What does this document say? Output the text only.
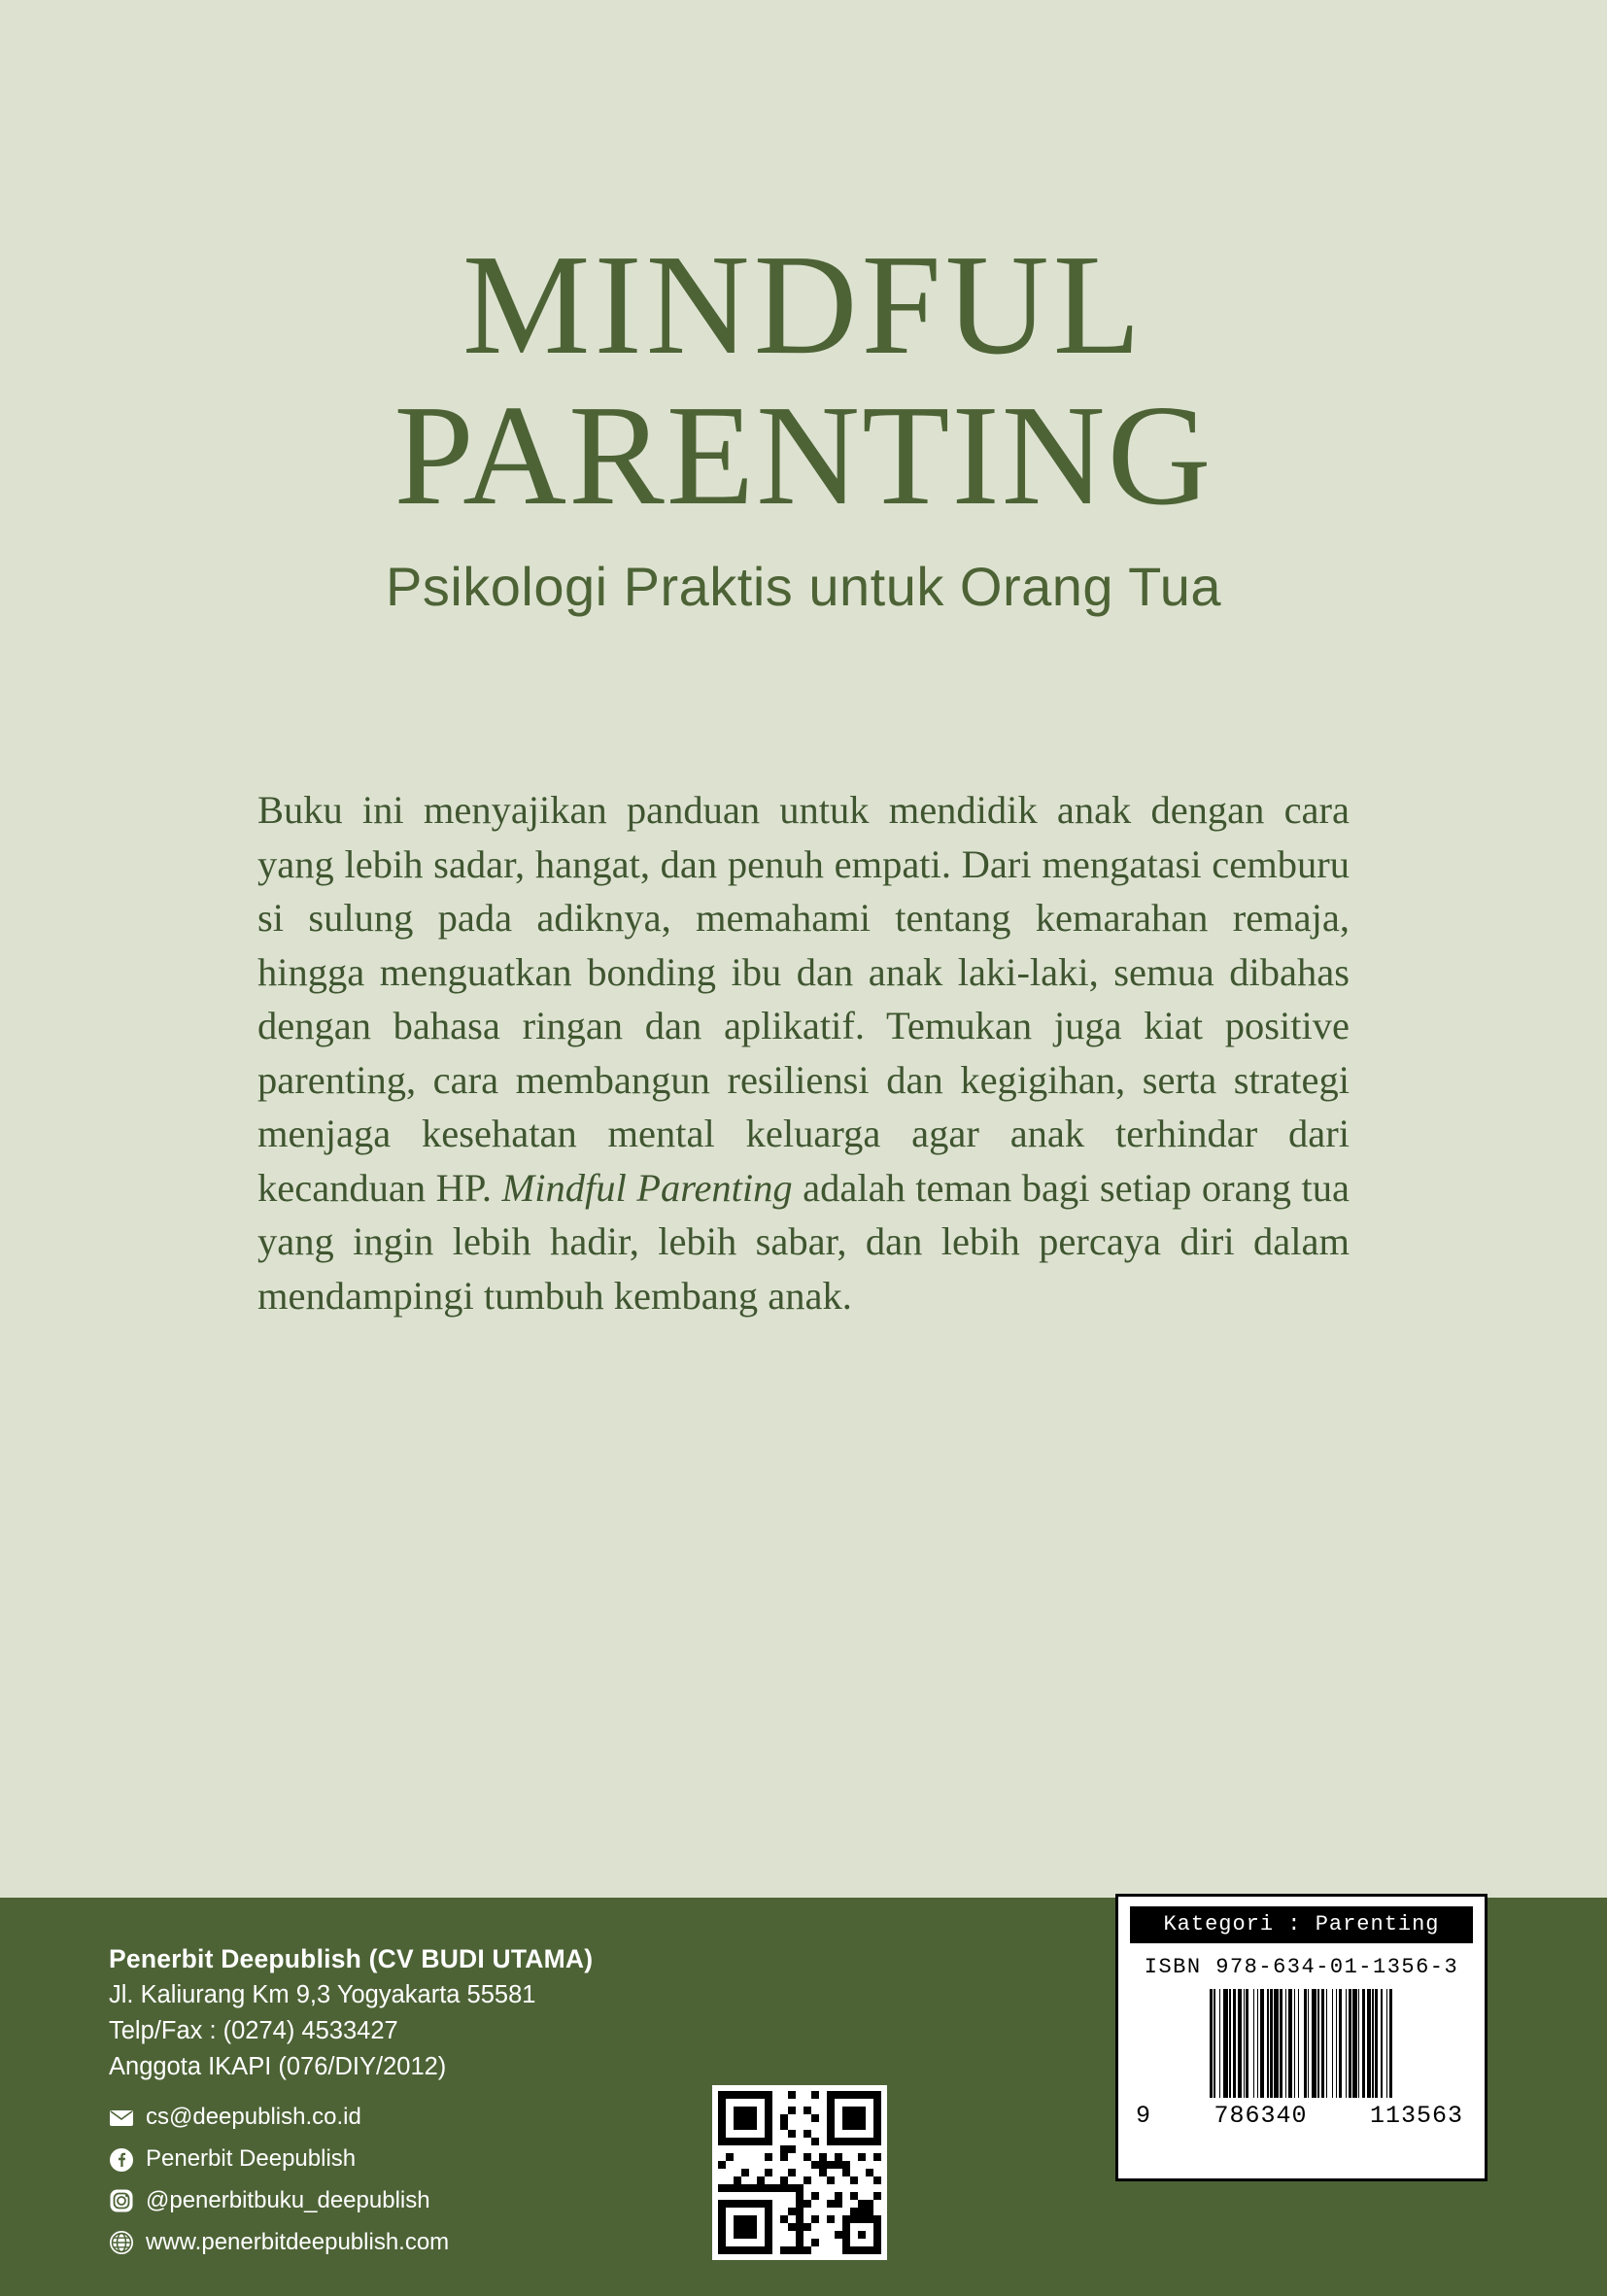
MINDFUL
PARENTING
Psikologi Praktis untuk Orang Tua
Buku ini menyajikan panduan untuk mendidik anak dengan cara yang lebih sadar, hangat, dan penuh empati. Dari mengatasi cemburu si sulung pada adiknya, memahami tentang kemarahan remaja, hingga menguatkan bonding ibu dan anak laki-laki, semua dibahas dengan bahasa ringan dan aplikatif. Temukan juga kiat positive parenting, cara membangun resiliensi dan kegigihan, serta strategi menjaga kesehatan mental keluarga agar anak terhindar dari kecanduan HP. Mindful Parenting adalah teman bagi setiap orang tua yang ingin lebih hadir, lebih sabar, dan lebih percaya diri dalam mendampingi tumbuh kembang anak.
Penerbit Deepublish (CV BUDI UTAMA)
Jl. Kaliurang Km 9,3 Yogyakarta 55581
Telp/Fax : (0274) 4533427
Anggota IKAPI (076/DIY/2012)
cs@deepublish.co.id
Penerbit Deepublish
@penerbitbuku_deepublish
www.penerbitdeepublish.com
Kategori : Parenting
ISBN 978-634-01-1356-3
9	786340	113563
